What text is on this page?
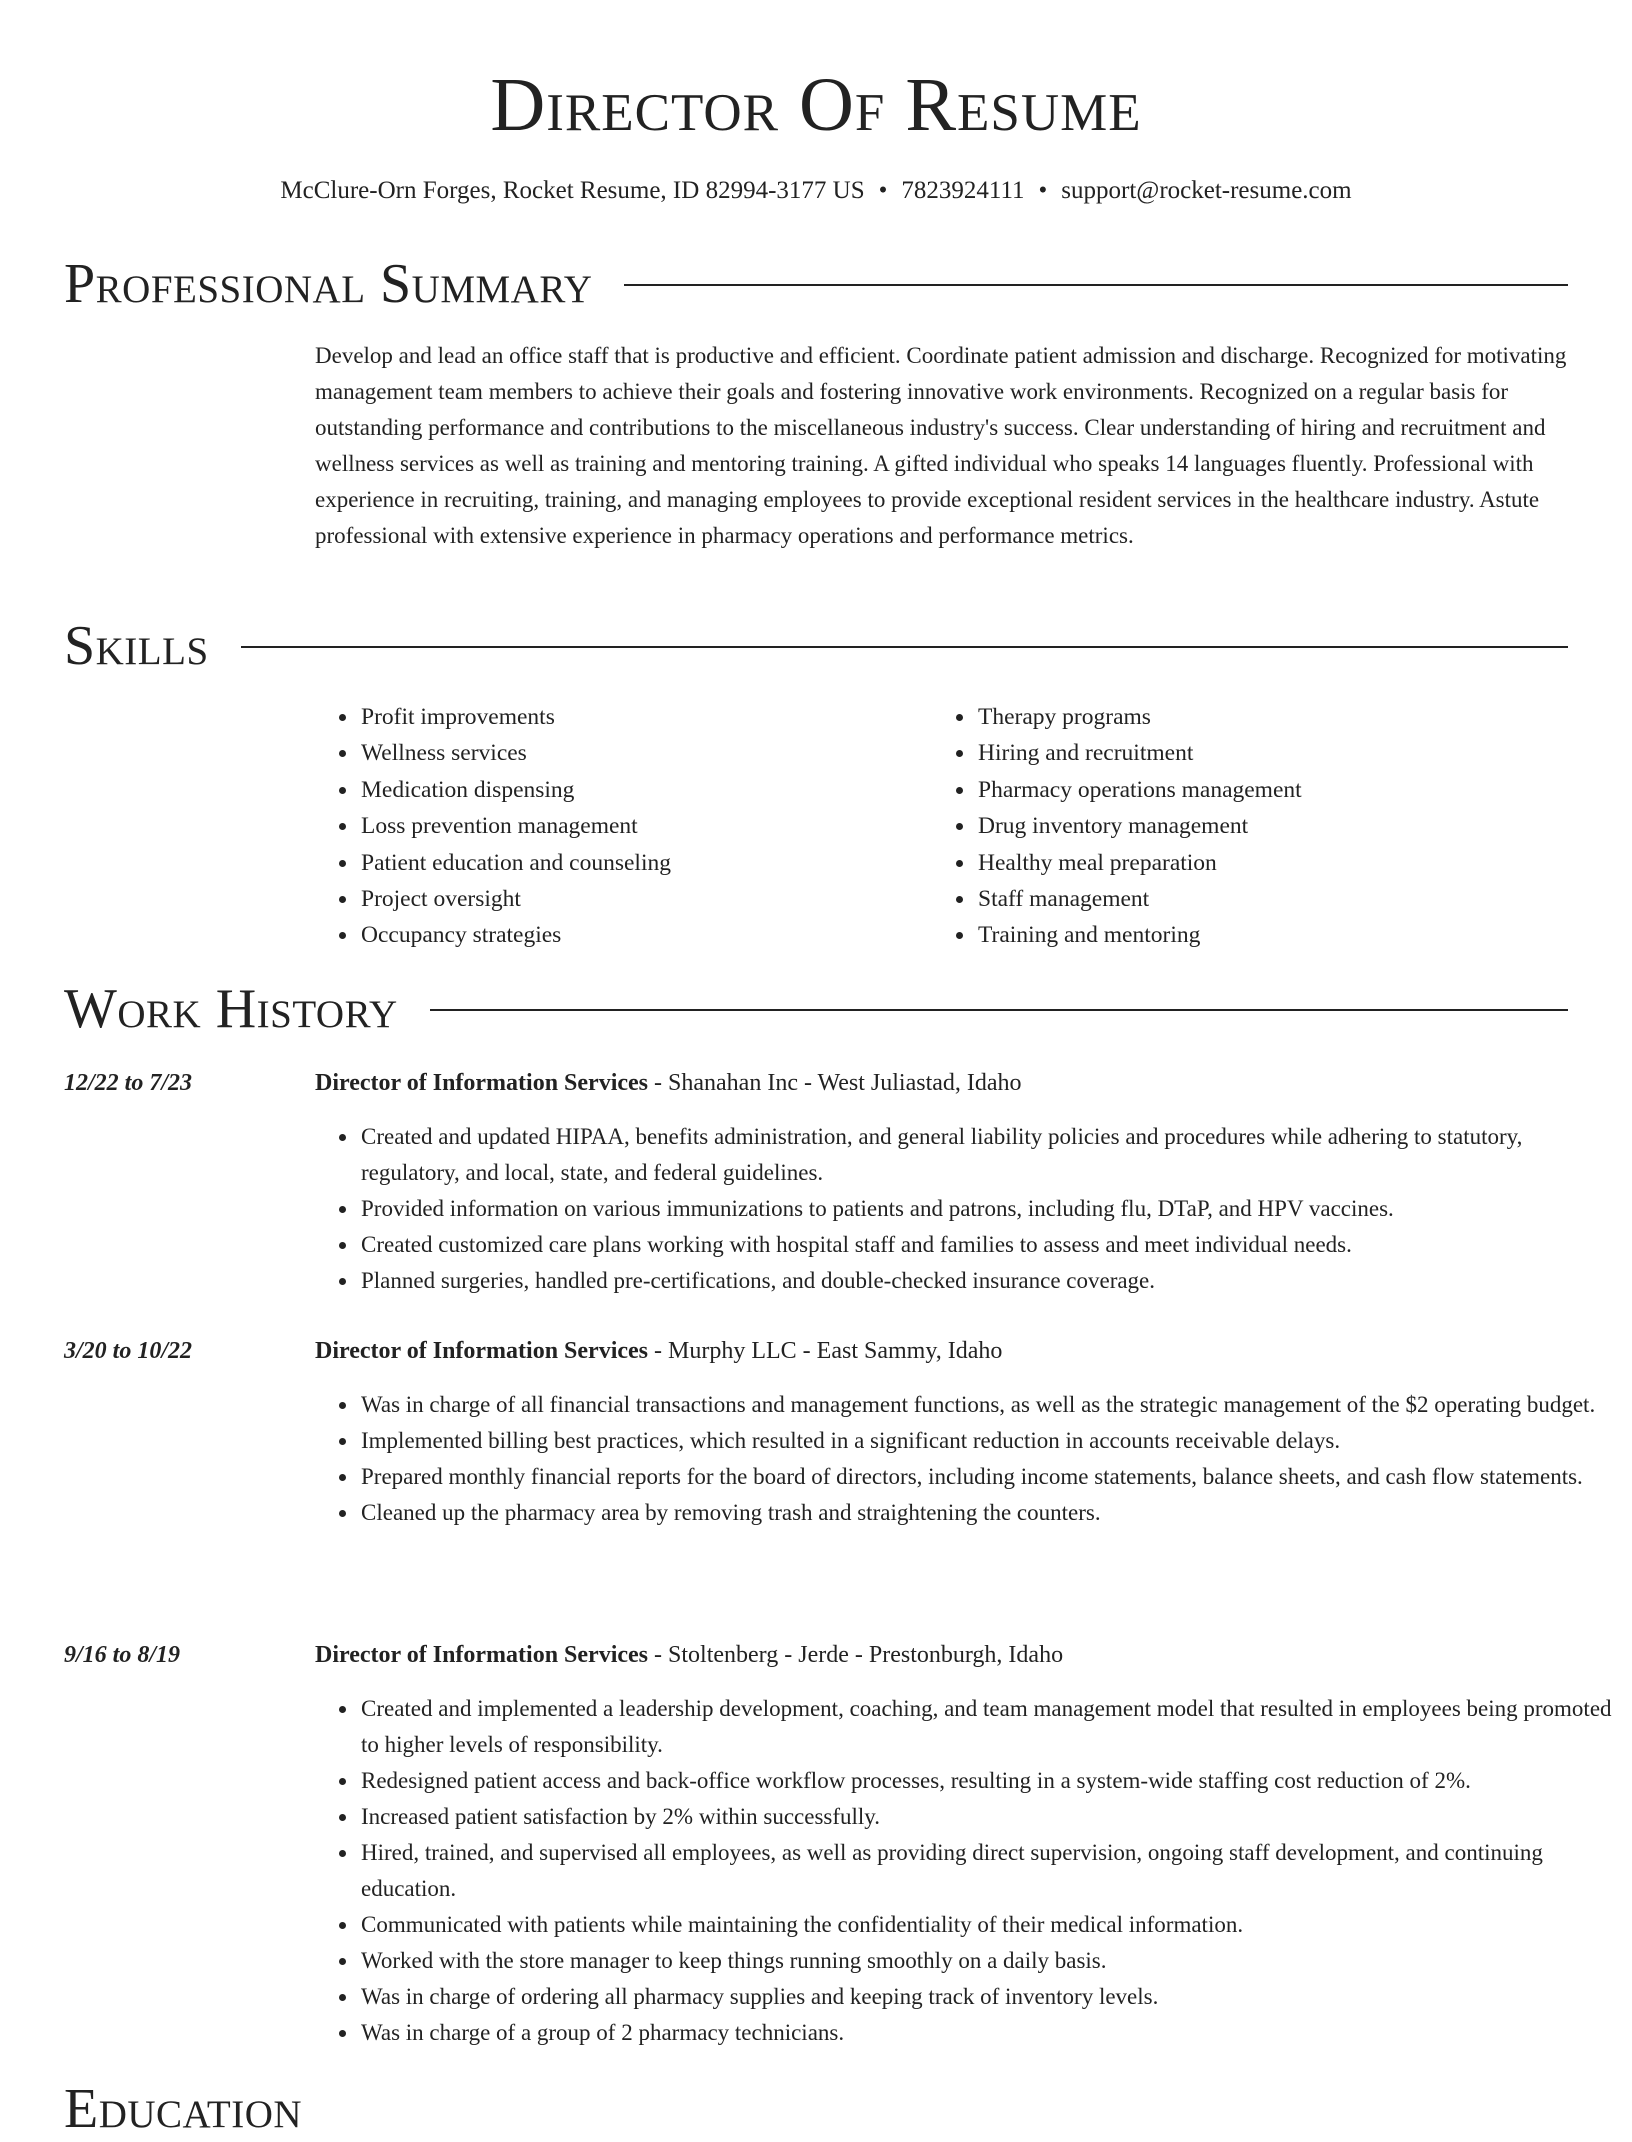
Director Of Resume
McClure-Orn Forges, Rocket Resume, ID 82994-3177 US • 7823924111 • support@rocket-resume.com
Professional Summary

Develop and lead an office staff that is productive and efficient. Coordinate patient admission and discharge. Recognized for motivating management team members to achieve their goals and fostering innovative work environments. Recognized on a regular basis for outstanding performance and contributions to the miscellaneous industry's success. Clear understanding of hiring and recruitment and wellness services as well as training and mentoring training. A gifted individual who speaks 14 languages fluently. Professional with experience in recruiting, training, and managing employees to provide exceptional resident services in the healthcare industry. Astute professional with extensive experience in pharmacy operations and performance metrics.

Skills
• Profit improvements
• Wellness services
• Medication dispensing
• Loss prevention management
• Patient education and counseling
• Project oversight
• Occupancy strategies
• Therapy programs
• Hiring and recruitment
• Pharmacy operations management
• Drug inventory management
• Healthy meal preparation
• Staff management
• Training and mentoring
Work History
12/22 to 7/23	Director of Information Services - Shanahan Inc - West Juliastad, Idaho
• Created and updated HIPAA, benefits administration, and general liability policies and procedures while adhering to statutory, regulatory, and local, state, and federal guidelines.
• Provided information on various immunizations to patients and patrons, including flu, DTaP, and HPV vaccines.
• Created customized care plans working with hospital staff and families to assess and meet individual needs.
• Planned surgeries, handled pre-certifications, and double-checked insurance coverage.
3/20 to 10/22	Director of Information Services - Murphy LLC - East Sammy, Idaho
• Was in charge of all financial transactions and management functions, as well as the strategic management of the $2 operating budget.
• Implemented billing best practices, which resulted in a significant reduction in accounts receivable delays.
• Prepared monthly financial reports for the board of directors, including income statements, balance sheets, and cash flow statements.
• Cleaned up the pharmacy area by removing trash and straightening the counters.
9/16 to 8/19	Director of Information Services - Stoltenberg - Jerde - Prestonburgh, Idaho
• Created and implemented a leadership development, coaching, and team management model that resulted in employees being promoted to higher levels of responsibility.
• Redesigned patient access and back-office workflow processes, resulting in a system-wide staffing cost reduction of 2%.
• Increased patient satisfaction by 2% within successfully.
• Hired, trained, and supervised all employees, as well as providing direct supervision, ongoing staff development, and continuing education.
• Communicated with patients while maintaining the confidentiality of their medical information.
• Worked with the store manager to keep things running smoothly on a daily basis.
• Was in charge of ordering all pharmacy supplies and keeping track of inventory levels.
• Was in charge of a group of 2 pharmacy technicians.
Education
